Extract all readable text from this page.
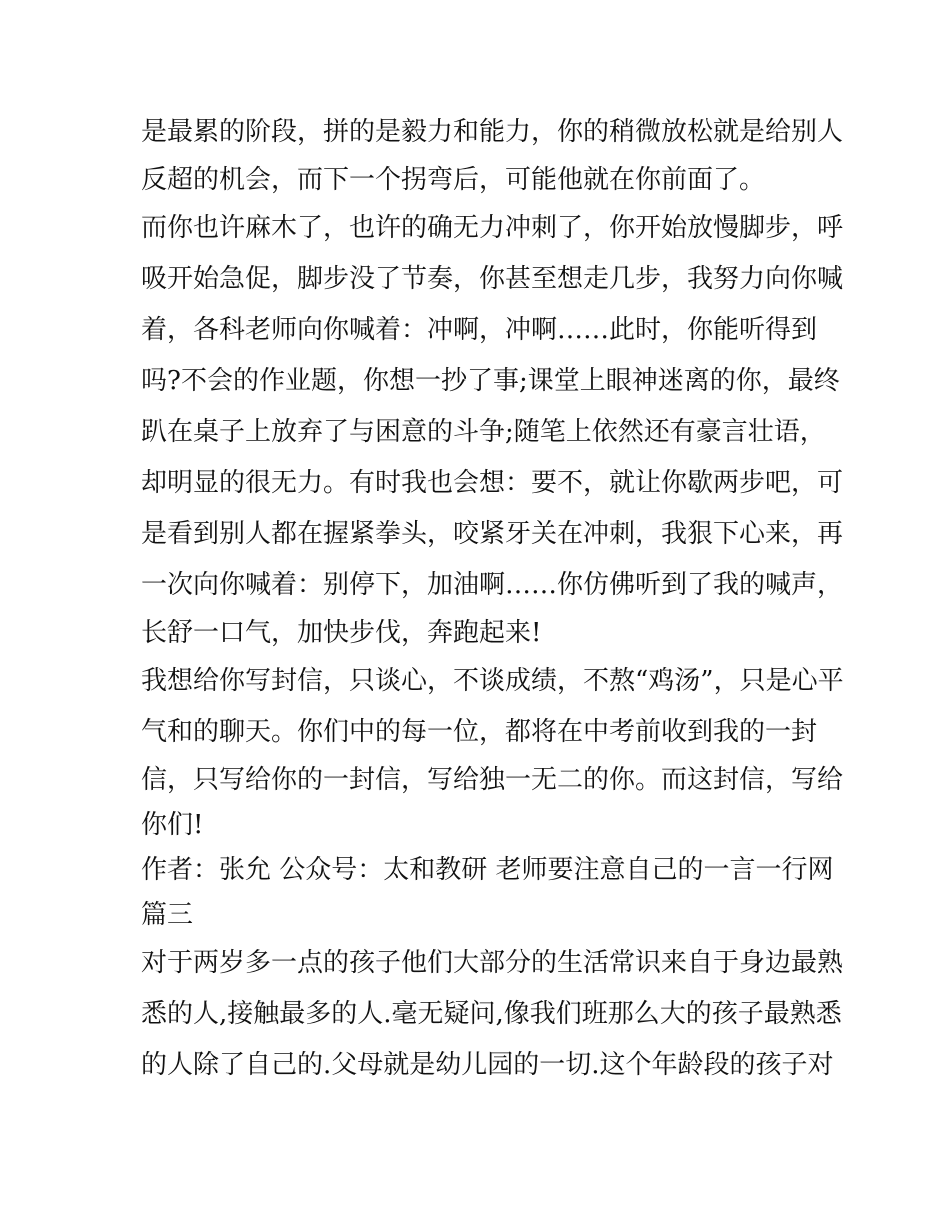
是最累的阶段，拼的是毅力和能力，你的稍微放松就是给别人
反超的机会，而下一个拐弯后，可能他就在你前面了。
而你也许麻木了，也许的确无力冲刺了，你开始放慢脚步，呼
吸开始急促，脚步没了节奏，你甚至想走几步，我努力向你喊
着，各科老师向你喊着：冲啊，冲啊……此时，你能听得到
吗?不会的作业题，你想一抄了事;课堂上眼神迷离的你，最终
趴在桌子上放弃了与困意的斗争;随笔上依然还有豪言壮语，
却明显的很无力。有时我也会想：要不，就让你歇两步吧，可
是看到别人都在握紧拳头，咬紧牙关在冲刺，我狠下心来，再
一次向你喊着：别停下，加油啊……你仿佛听到了我的喊声，
长舒一口气，加快步伐，奔跑起来!
我想给你写封信，只谈心，不谈成绩，不熬“鸡汤”，只是心平
气和的聊天。你们中的每一位，都将在中考前收到我的一封
信，只写给你的一封信，写给独一无二的你。而这封信，写给
你们!
作者：张允 公众号：太和教研 老师要注意自己的一言一行网
篇三
对于两岁多一点的孩子他们大部分的生活常识来自于身边最熟
悉的人,接触最多的人.毫无疑问,像我们班那么大的孩子最熟悉
的人除了自己的.父母就是幼儿园的一切.这个年龄段的孩子对
